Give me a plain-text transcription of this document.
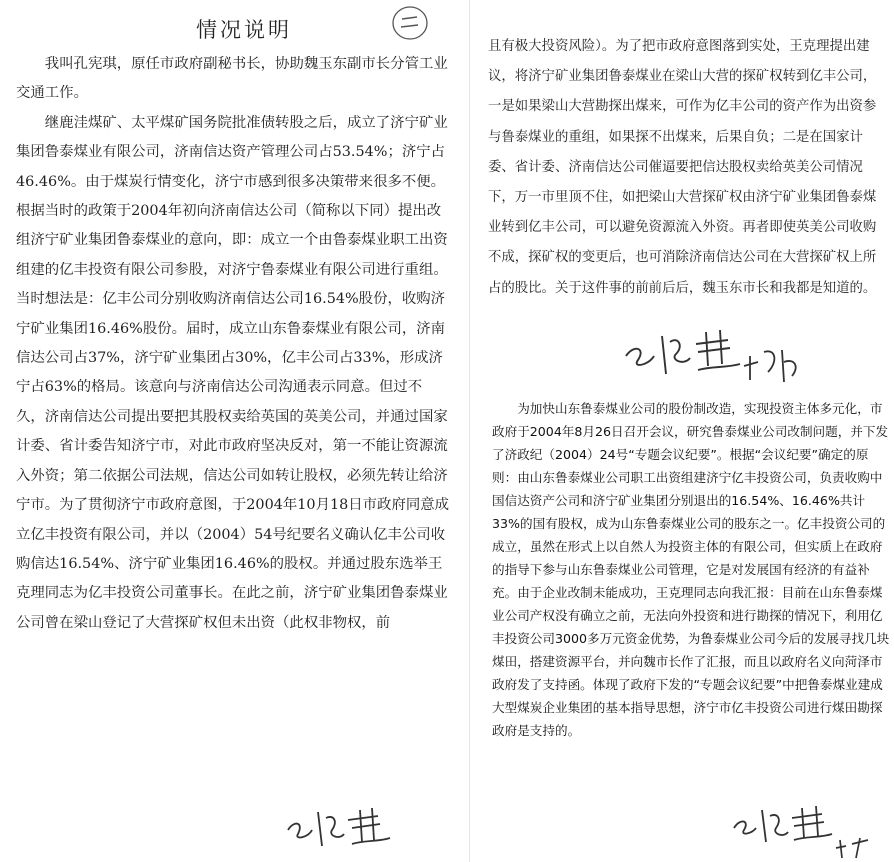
情况说明

我叫孔宪琪，原任市政府副秘书长，协助魏玉东副市长分管工业交通工作。

继鹿洼煤矿、太平煤矿国务院批准债转股之后，成立了济宁矿业集团鲁泰煤业有限公司，济南信达资产管理公司占53.54%；济宁占46.46%。由于煤炭行情变化，济宁市感到很多决策带来很多不便。根据当时的政策于2004年初向济南信达公司（简称以下同）提出改组济宁矿业集团鲁泰煤业的意向，即：成立一个由鲁泰煤业职工出资组建的亿丰投资有限公司参股，对济宁鲁泰煤业有限公司进行重组。当时想法是：亿丰公司分别收购济南信达公司16.54%股份，收购济宁矿业集团16.46%股份。届时，成立山东鲁泰煤业有限公司，济南信达公司占37%，济宁矿业集团占30%，亿丰公司占33%，形成济宁占63%的格局。该意向与济南信达公司沟通表示同意。但过不久，济南信达公司提出要把其股权卖给英国的英美公司，并通过国家计委、省计委告知济宁市，对此市政府坚决反对，第一不能让资源流入外资；第二依据公司法规，信达公司如转让股权，必须先转让给济宁市。为了贯彻济宁市政府意图，于2004年10月18日市政府同意成立亿丰投资有限公司，并以（2004）54号纪要名义确认亿丰公司收购信达16.54%、济宁矿业集团16.46%的股权。并通过股东选举王克理同志为亿丰投资公司董事长。在此之前，济宁矿业集团鲁泰煤业公司曾在梁山登记了大营探矿权但未出资（此权非物权，前

且有极大投资风险）。为了把市政府意图落到实处，王克理提出建议，将济宁矿业集团鲁泰煤业在梁山大营的探矿权转到亿丰公司，一是如果梁山大营勘探出煤来，可作为亿丰公司的资产作为出资参与鲁泰煤业的重组，如果探不出煤来，后果自负；二是在国家计委、省计委、济南信达公司催逼要把信达股权卖给英美公司情况下，万一市里顶不住，如把梁山大营探矿权由济宁矿业集团鲁泰煤业转到亿丰公司，可以避免资源流入外资。再者即使英美公司收购不成，探矿权的变更后，也可消除济南信达公司在大营探矿权上所占的股比。关于这件事的前前后后，魏玉东市长和我都是知道的。

为加快山东鲁泰煤业公司的股份制改造，实现投资主体多元化，市政府于2004年8月26日召开会议，研究鲁泰煤业公司改制问题，并下发了济政纪（2004）24号“专题会议纪要”。根据“会议纪要”确定的原则：由山东鲁泰煤业公司职工出资组建济宁亿丰投资公司，负责收购中国信达资产公司和济宁矿业集团分别退出的16.54%、16.46%共计33%的国有股权，成为山东鲁泰煤业公司的股东之一。亿丰投资公司的成立，虽然在形式上以自然人为投资主体的有限公司，但实质上在政府的指导下参与山东鲁泰煤业公司管理，它是对发展国有经济的有益补充。由于企业改制未能成功，王克理同志向我汇报：目前在山东鲁泰煤业公司产权没有确立之前，无法向外投资和进行勘探的情况下，利用亿丰投资公司3000多万元资金优势，为鲁泰煤业公司今后的发展寻找几块煤田，搭建资源平台，并向魏市长作了汇报，而且以政府名义向菏泽市政府发了支持函。体现了政府下发的“专题会议纪要”中把鲁泰煤业建成大型煤炭企业集团的基本指导思想，济宁市亿丰投资公司进行煤田勘探政府是支持的。
